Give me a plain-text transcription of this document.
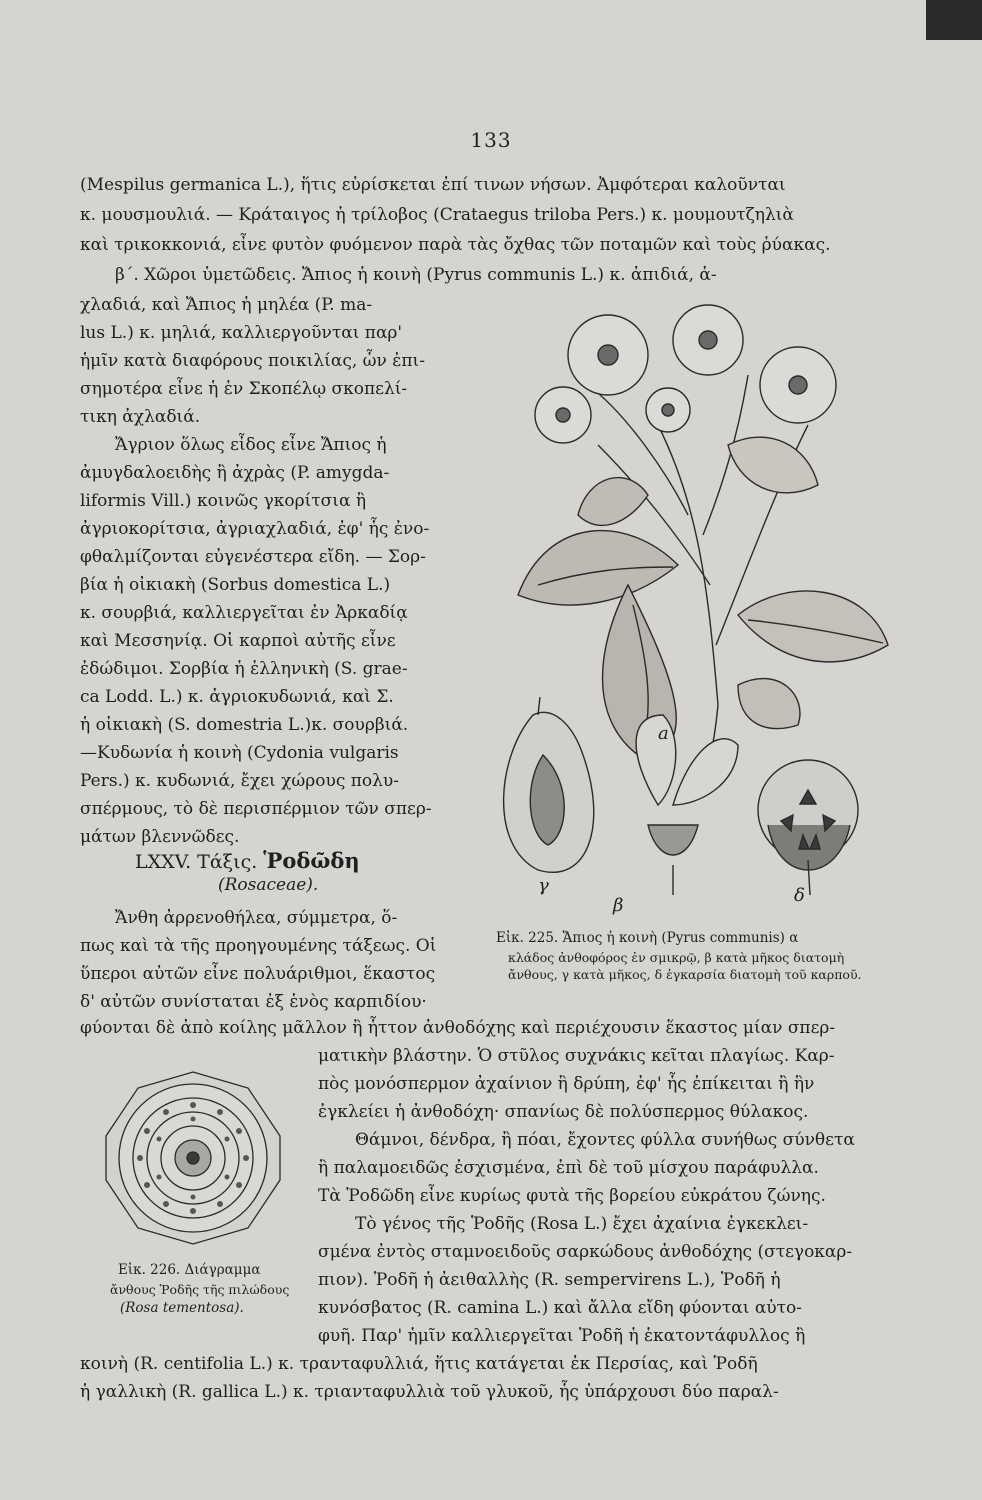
133
(Mespilus germanica L.), ἥτις εὑρίσκεται ἐπί τινων νήσων. Ἀμφότεραι καλοῦνται
κ. μουσμουλιά. — Κράταιγος ἡ τρίλοβος (Crataegus triloba Pers.) κ. μουμουτζηλιὰ
καὶ τρικοκκονιά, εἶνε φυτὸν φυόμενον παρὰ τὰς ὄχθας τῶν ποταμῶν καὶ τοὺς ῥύακας.
β΄. Χῶροι ὑμετῶδεις. Ἄπιος ἡ κοινὴ (Pyrus communis L.) κ. ἀπιδιά, ἀ-
χλαδιά, καὶ Ἄπιος ἡ μηλέα (P. ma-
lus L.) κ. μηλιά, καλλιεργοῦνται παρ'
ἡμῖν κατὰ διαφόρους ποικιλίας, ὧν ἐπι-
σημοτέρα εἶνε ἡ ἐν Σκοπέλῳ σκοπελί-
τικη ἀχλαδιά.
Ἄγριον ὅλως εἶδος εἶνε Ἄπιος ἡ
ἀμυγδαλοειδὴς ἢ ἀχρὰς (P. amygda-
liformis Vill.) κοινῶς γκορίτσια ἢ
ἀγριοκορίτσια, ἀγριαχλαδιά, ἐφ' ἧς ἐνο-
φθαλμίζονται εὐγενέστερα εἴδη. — Σορ-
βία ἡ οἰκιακὴ (Sorbus domestica L.)
κ. σουρβιά, καλλιεργεῖται ἐν Ἀρκαδίᾳ
καὶ Μεσσηνίᾳ. Οἱ καρποὶ αὐτῆς εἶνε
ἐδώδιμοι. Σορβία ἡ ἑλληνικὴ (S. grae-
ca Lodd. L.) κ. ἀγριοκυδωνιά, καὶ Σ.
ἡ οἰκιακὴ (S. domestria L.)κ. σουρβιά.
—Κυδωνία ἡ κοινὴ (Cydonia vulgaris
Pers.) κ. κυδωνιά, ἔχει χώρους πολυ-
σπέρμους, τὸ δὲ περισπέρμιον τῶν σπερ-
μάτων βλεννῶδες.
LXXV. Τάξις. Ῥοδῶδη
(Rosaceae).
Ἄνθη ἀρρενοθήλεα, σύμμετρα, ὅ-
πως καὶ τὰ τῆς προηγουμένης τάξεως. Οἱ
ὕπεροι αὐτῶν εἶνε πολυάριθμοι, ἕκαστος
δ' αὐτῶν συνίσταται ἐξ ἑνὸς καρπιδίου·
φύονται δὲ ἀπὸ κοίλης μᾶλλον ἢ ἧττον ἀνθοδόχης καὶ περιέχουσιν ἕκαστος μίαν σπερ-
ματικὴν βλάστην. Ὁ στῦλος συχνάκις κεῖται πλαγίως. Καρ-
πὸς μονόσπερμον ἀχαίνιον ἢ δρύπη, ἐφ' ἧς ἐπίκειται ἢ ἣν
ἐγκλείει ἡ ἀνθοδόχη· σπανίως δὲ πολύσπερμος θύλακος.
Θάμνοι, δένδρα, ἢ πόαι, ἔχοντες φύλλα συνήθως σύνθετα
ἢ παλαμοειδῶς ἐσχισμένα, ἐπὶ δὲ τοῦ μίσχου παράφυλλα.
Τὰ Ῥοδῶδη εἶνε κυρίως φυτὰ τῆς βορείου εὐκράτου ζώνης.
Τὸ γένος τῆς Ῥοδῆς (Rosa L.) ἔχει ἀχαίνια ἐγκεκλει-
σμένα ἐντὸς σταμνοειδοῦς σαρκώδους ἀνθοδόχης (στεγοκαρ-
πιον). Ῥοδῆ ἡ ἀειθαλλὴς (R. sempervirens L.), Ῥοδῆ ἡ
κυνόσβατος (R. camina L.) καὶ ἄλλα εἴδη φύονται αὐτο-
φυῆ. Παρ' ἡμῖν καλλιεργεῖται Ῥοδῆ ἡ ἑκατοντάφυλλος ἢ
κοινὴ (R. centifolia L.) κ. τρανταφυλλιά, ἥτις κατάγεται ἐκ Περσίας, καὶ Ῥοδῆ
ἡ γαλλικὴ (R. gallica L.) κ. τριανταφυλλιὰ τοῦ γλυκοῦ, ἧς ὑπάρχουσι δύο παραλ-
a
γ
β	δ
Εἰκ. 225. Ἄπιος ἡ κοινὴ (Pyrus communis) α
κλάδος ἀνθοφόρος ἐν σμικρῷ, β κατὰ μῆκος διατομὴ
ἄνθους, γ κατὰ μῆκος, δ ἐγκαρσία διατομὴ τοῦ καρποῦ.
Εἰκ. 226. Διάγραμμα
ἄνθους Ῥοδῆς τῆς πιλώδους
(Rosa tementosa).
